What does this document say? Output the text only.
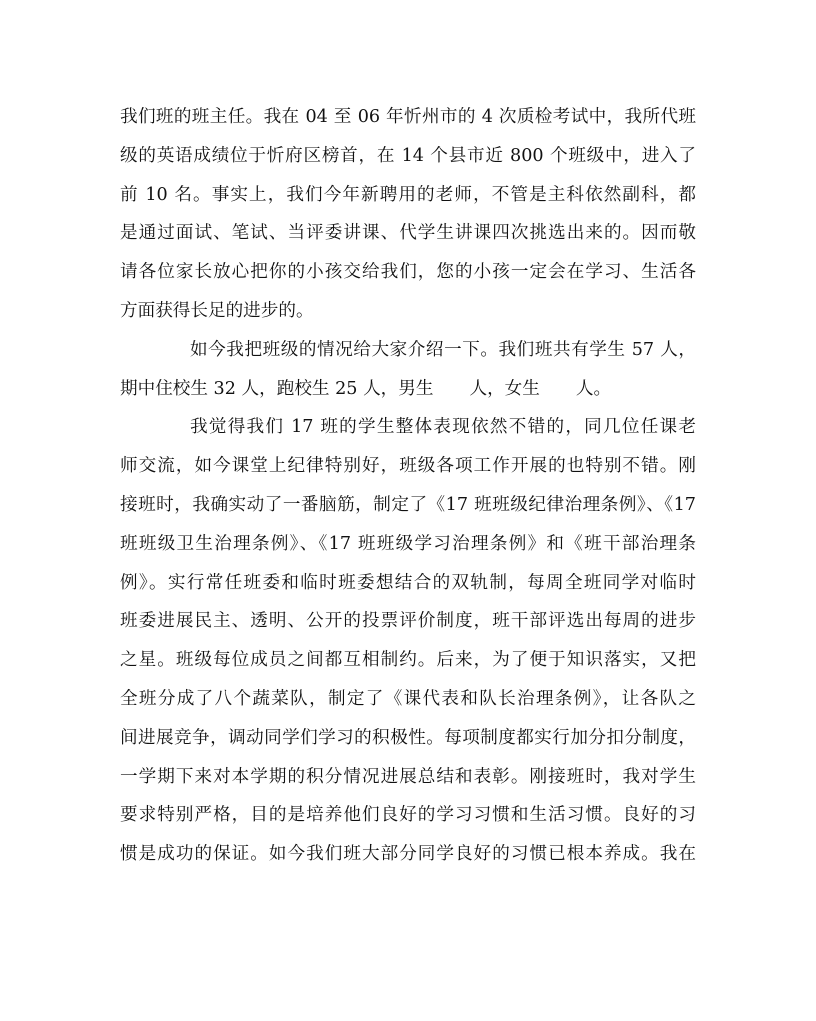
我们班的班主任。我在 04 至 06 年忻州市的 4 次质检考试中，我所代班
级的英语成绩位于忻府区榜首，在 14 个县市近 800 个班级中，进入了
前 10 名。事实上，我们今年新聘用的老师，不管是主科依然副科，都
是通过面试、笔试、当评委讲课、代学生讲课四次挑选出来的。因而敬
请各位家长放心把你的小孩交给我们，您的小孩一定会在学习、生活各
方面获得长足的进步的。
如今我把班级的情况给大家介绍一下。我们班共有学生 57 人，
期中住校生 32 人，跑校生 25 人，男生 人，女生 人。
我觉得我们 17 班的学生整体表现依然不错的，同几位任课老
师交流，如今课堂上纪律特别好，班级各项工作开展的也特别不错。刚
接班时，我确实动了一番脑筋，制定了《17 班班级纪律治理条例》、《17
班班级卫生治理条例》、《17 班班级学习治理条例》和《班干部治理条
例》。实行常任班委和临时班委想结合的双轨制，每周全班同学对临时
班委进展民主、透明、公开的投票评价制度，班干部评选出每周的进步
之星。班级每位成员之间都互相制约。后来，为了便于知识落实，又把
全班分成了八个蔬菜队，制定了《课代表和队长治理条例》，让各队之
间进展竞争，调动同学们学习的积极性。每项制度都实行加分扣分制度，
一学期下来对本学期的积分情况进展总结和表彰。刚接班时，我对学生
要求特别严格，目的是培养他们良好的学习习惯和生活习惯。良好的习
惯是成功的保证。如今我们班大部分同学良好的习惯已根本养成。我在
